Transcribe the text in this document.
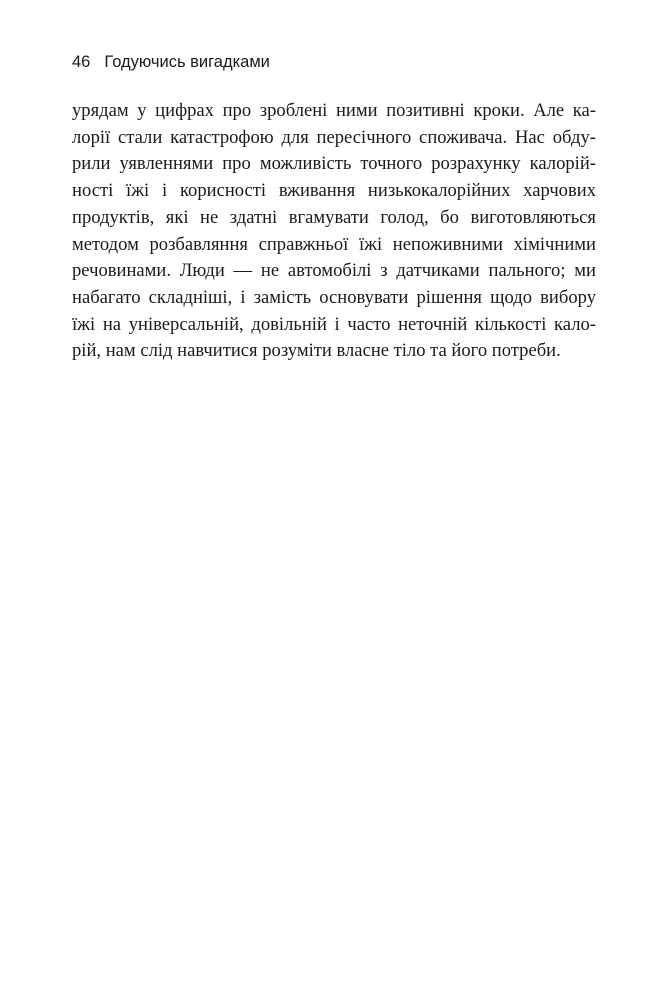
46 Годуючись вигадками
урядам у цифрах про зроблені ними позитивні кроки. Але ка-
лорії стали катастрофою для пересічного споживача. Нас обду-
рили уявленнями про можливість точного розрахунку калорій-
ності їжі і корисності вживання низькокалорійних харчових
продуктів, які не здатні вгамувати голод, бо виготовляються
методом розбавляння справжньої їжі непоживними хімічними
речовинами. Люди — не автомобілі з датчиками пального; ми
набагато складніші, і замість основувати рішення щодо вибору
їжі на універсальній, довільній і часто неточній кількості кало-
рій, нам слід навчитися розуміти власне тіло та його потреби.
